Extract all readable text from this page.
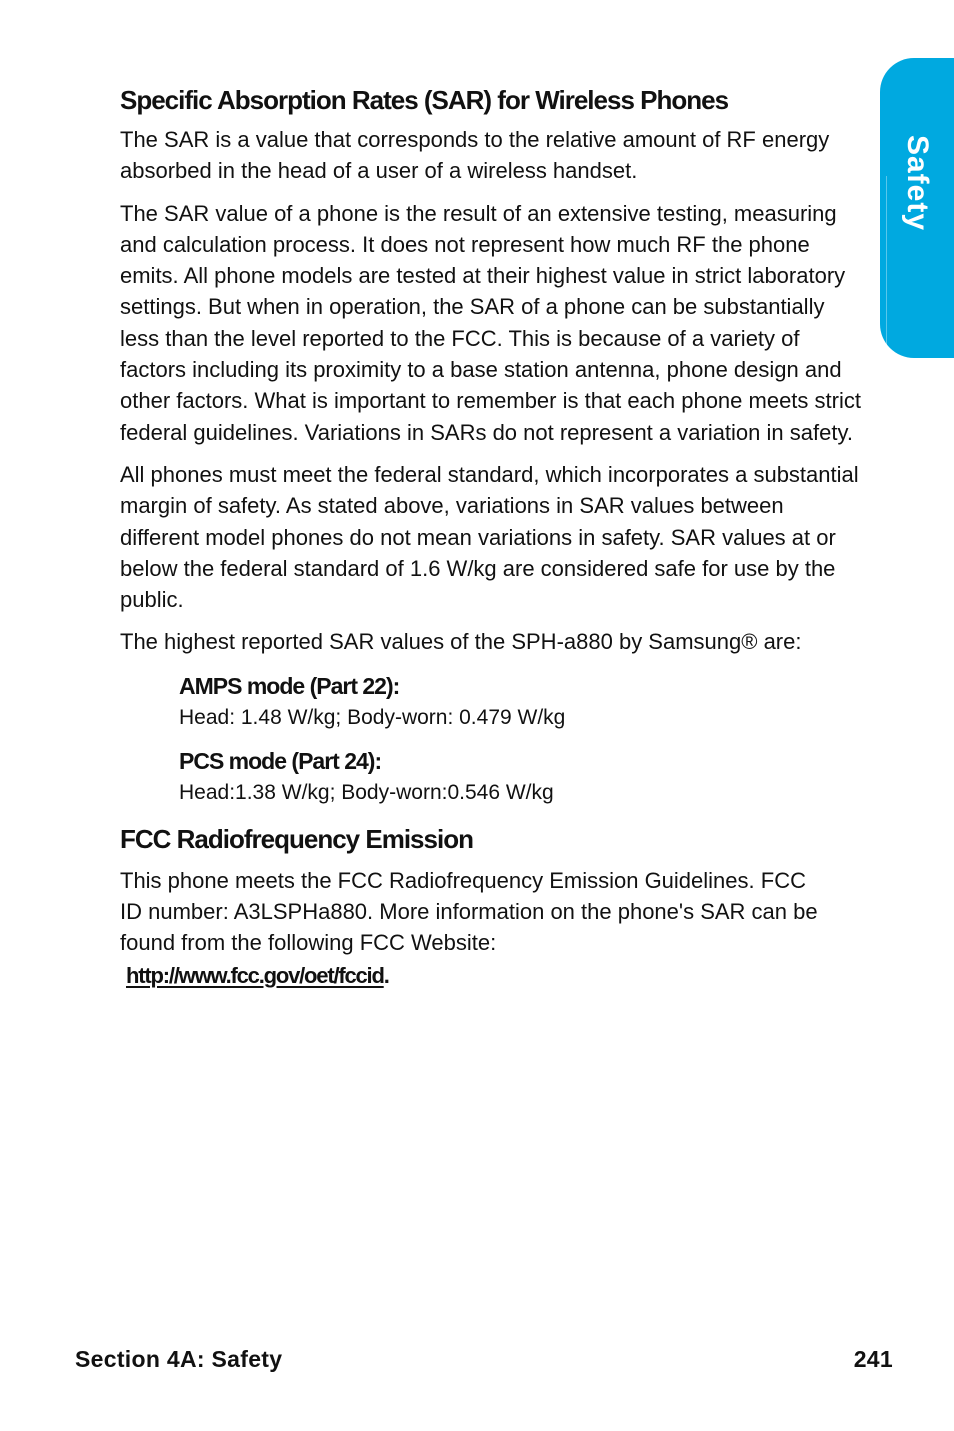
Safety
Specific Absorption Rates (SAR) for Wireless Phones

The SAR is a value that corresponds to the relative amount of RF energy absorbed in the head of a user of a wireless handset.

The SAR value of a phone is the result of an extensive testing, measuring and calculation process. It does not represent how much RF the phone emits. All phone models are tested at their highest value in strict laboratory settings. But when in operation, the SAR of a phone can be substantially less than the level reported to the FCC. This is because of a variety of factors including its proximity to a base station antenna, phone design and other factors. What is important to remember is that each phone meets strict federal guidelines. Variations in SARs do not represent a variation in safety.

All phones must meet the federal standard, which incorporates a substantial margin of safety. As stated above, variations in SAR values between different model phones do not mean variations in safety. SAR values at or below the federal standard of 1.6 W/kg are considered safe for use by the public.

The highest reported SAR values of the SPH-a880 by Samsung® are:

AMPS mode (Part 22):

Head: 1.48 W/kg; Body-worn: 0.479 W/kg

PCS mode (Part 24):

Head:1.38 W/kg; Body-worn:0.546 W/kg

FCC Radiofrequency Emission

This phone meets the FCC Radiofrequency Emission Guidelines. FCC ID number: A3LSPHa880. More information on the phone's SAR can be found from the following FCC Website:

http://www.fcc.gov/oet/fccid.

Section 4A: Safety	241
